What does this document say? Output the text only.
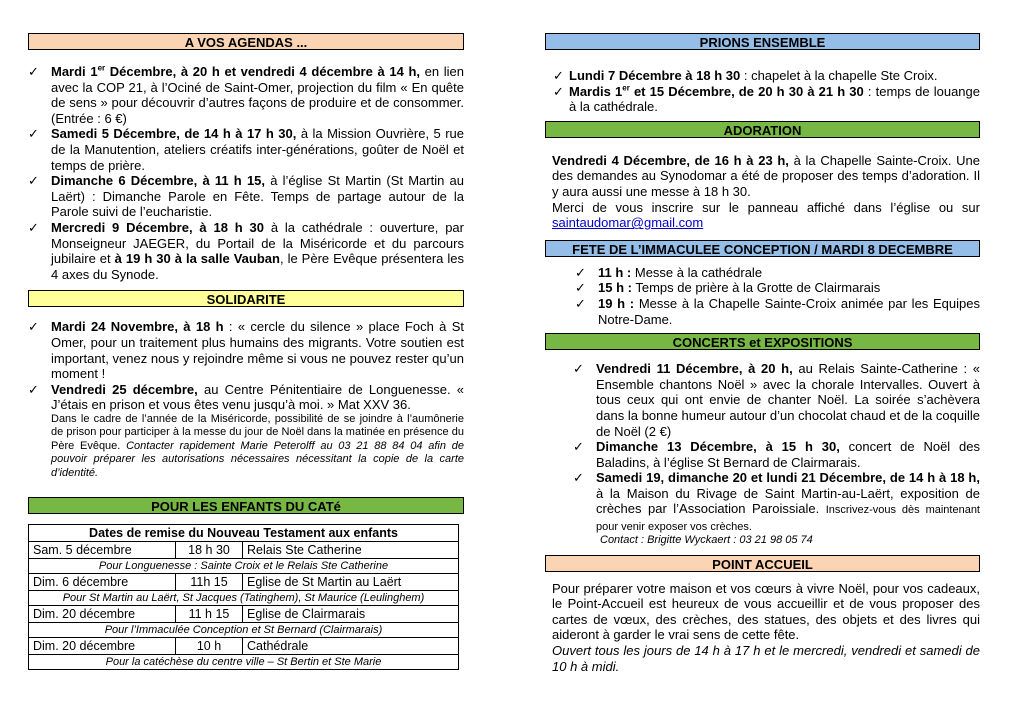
A VOS AGENDAS ...
✓ Mardi 1er Décembre, à 20 h et vendredi 4 décembre à 14 h, en lien avec la COP 21, à l’Ociné de Saint-Omer, projection du film « En quête de sens » pour découvrir d’autres façons de produire et de consommer. (Entrée : 6 €)
✓ Samedi 5 Décembre, de 14 h à 17 h 30, à la Mission Ouvrière, 5 rue de la Manutention, ateliers créatifs inter-générations, goûter de Noël et temps de prière.
✓ Dimanche 6 Décembre, à 11 h 15, à l’église St Martin (St Martin au Laërt) : Dimanche Parole en Fête. Temps de partage autour de la Parole suivi de l’eucharistie.
✓ Mercredi 9 Décembre, à 18 h 30 à la cathédrale : ouverture, par Monseigneur JAEGER, du Portail de la Miséricorde et du parcours jubilaire et à 19 h 30 à la salle Vauban, le Père Evêque présentera les 4 axes du Synode.
SOLIDARITE
✓ Mardi 24 Novembre, à 18 h : « cercle du silence » place Foch à St Omer, pour un traitement plus humains des migrants. Votre soutien est important, venez nous y rejoindre même si vous ne pouvez rester qu’un moment !
✓ Vendredi 25 décembre, au Centre Pénitentiaire de Longuenesse. « J’étais en prison et vous êtes venu jusqu’à moi. » Mat XXV 36.
Dans le cadre de l’année de la Miséricorde, possibilité de se joindre à l’aumônerie de prison pour participer à la messe du jour de Noël dans la matinée en présence du Père Evêque. Contacter rapidement Marie Peterolff au 03 21 88 84 04 afin de pouvoir préparer les autorisations nécessaires nécessitant la copie de la carte d’identité.
POUR LES ENFANTS DU CATé
Dates de remise du Nouveau Testament aux enfants		
Sam. 5 décembre	18 h 30	Relais Ste Catherine
Pour Longuenesse : Sainte Croix et le Relais Ste Catherine		
Dim. 6 décembre	11h 15	Eglise de St Martin au Laërt
Pour St Martin au Laërt, St Jacques (Tatinghem), St Maurice (Leulinghem)		
Dim. 20 décembre	11 h 15	Eglise de Clairmarais
Pour l’Immaculée Conception et St Bernard (Clairmarais)		
Dim. 20 décembre	10 h	Cathédrale
Pour la catéchèse du centre ville – St Bertin et Ste Marie		
PRIONS ENSEMBLE
✓ Lundi 7 Décembre à 18 h 30 : chapelet à la chapelle Ste Croix.
✓ Mardis 1er et 15 Décembre, de 20 h 30 à 21 h 30 : temps de louange à la cathédrale.
ADORATION
Vendredi 4 Décembre, de 16 h à 23 h, à la Chapelle Sainte-Croix. Une des demandes au Synodomar a été de proposer des temps d’adoration. Il y aura aussi une messe à 18 h 30.
Merci de vous inscrire sur le panneau affiché dans l’église ou sur saintaudomar@gmail.com
FETE DE L’IMMACULEE CONCEPTION / MARDI 8 DECEMBRE
✓ 11 h : Messe à la cathédrale
✓ 15 h : Temps de prière à la Grotte de Clairmarais
✓ 19 h : Messe à la Chapelle Sainte-Croix animée par les Equipes Notre-Dame.
CONCERTS et EXPOSITIONS
✓ Vendredi 11 Décembre, à 20 h, au Relais Sainte-Catherine : « Ensemble chantons Noël » avec la chorale Intervalles. Ouvert à tous ceux qui ont envie de chanter Noël. La soirée s’achèvera dans la bonne humeur autour d’un chocolat chaud et de la coquille de Noël (2 €)
✓ Dimanche 13 Décembre, à 15 h 30, concert de Noël des Baladins, à l’église St Bernard de Clairmarais.
✓ Samedi 19, dimanche 20 et lundi 21 Décembre, de 14 h à 18 h, à la Maison du Rivage de Saint Martin-au-Laërt, exposition de crèches par l’Association Paroissiale. Inscrivez-vous dès maintenant pour venir exposer vos crèches.
Contact : Brigitte Wyckaert : 03 21 98 05 74
POINT ACCUEIL
Pour préparer votre maison et vos cœurs à vivre Noël, pour vos cadeaux, le Point-Accueil est heureux de vous accueillir et de vous proposer des cartes de vœux, des crèches, des statues, des objets et des livres qui aideront à garder le vrai sens de cette fête.
Ouvert tous les jours de 14 h à 17 h et le mercredi, vendredi et samedi de 10 h à midi.
